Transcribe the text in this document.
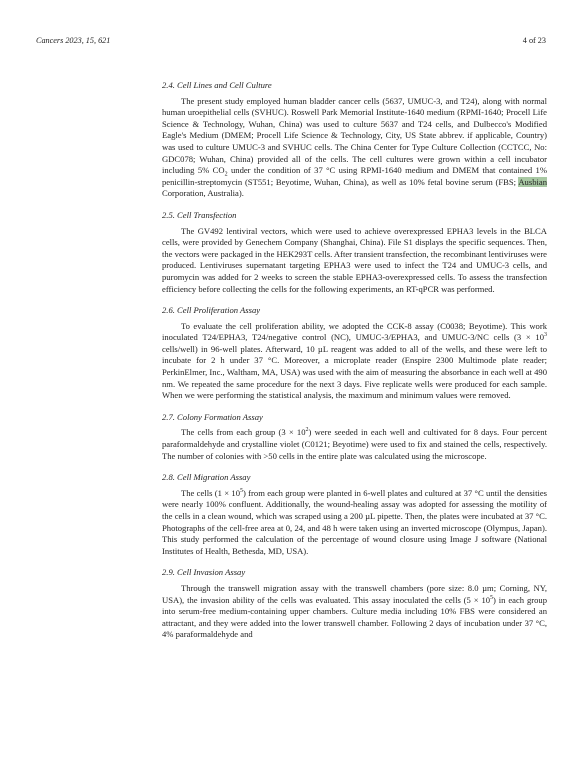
Cancers 2023, 15, 621	4 of 23
2.4. Cell Lines and Cell Culture

The present study employed human bladder cancer cells (5637, UMUC-3, and T24), along with normal human uroepithelial cells (SVHUC). Roswell Park Memorial Institute-1640 medium (RPMI-1640; Procell Life Science & Technology, Wuhan, China) was used to culture 5637 and T24 cells, and Dulbecco's Modified Eagle's Medium (DMEM; Procell Life Science & Technology, City, US State abbrev. if applicable, Country) was used to culture UMUC-3 and SVHUC cells. The China Center for Type Culture Collection (CCTCC, No: GDC078; Wuhan, China) provided all of the cells. The cell cultures were grown within a cell incubator including 5% $CO_2$ under the condition of 37 °C using RPMI-1640 medium and DMEM that contained 1% penicillin-streptomycin (ST551; Beyotime, Wuhan, China), as well as 10% fetal bovine serum (FBS; Ausbian Corporation, Australia).

2.5. Cell Transfection

The GV492 lentiviral vectors, which were used to achieve overexpressed EPHA3 levels in the BLCA cells, were provided by Genechem Company (Shanghai, China). File S1 displays the specific sequences. Then, the vectors were packaged in the HEK293T cells. After transient transfection, the recombinant lentiviruses were produced. Lentiviruses supernatant targeting EPHA3 were used to infect the T24 and UMUC-3 cells, and puromycin was added for 2 weeks to screen the stable EPHA3-overexpressed cells. To assess the transfection efficiency before collecting the cells for the following experiments, an RT-qPCR was performed.

2.6. Cell Proliferation Assay

To evaluate the cell proliferation ability, we adopted the CCK-8 assay (C0038; Beyotime). This work inoculated T24/EPHA3, T24/negative control (NC), UMUC-3/EPHA3, and UMUC-3/NC cells ($3 \times 10^3$ cells/well) in 96-well plates. Afterward, 10 µL reagent was added to all of the wells, and these were left to incubate for 2 h under 37 °C. Moreover, a microplate reader (Enspire 2300 Multimode plate reader; PerkinElmer, Inc., Waltham, MA, USA) was used with the aim of measuring the absorbance in each well at 490 nm. We repeated the same procedure for the next 3 days. Five replicate wells were produced for each sample. When we were performing the statistical analysis, the maximum and minimum values were removed.

2.7. Colony Formation Assay

The cells from each group $(3 \times 10^2)$ were seeded in each well and cultivated for 8 days. Four percent paraformaldehyde and crystalline violet (C0121; Beyotime) were used to fix and stained the cells, respectively. The number of colonies with >50 cells in the entire plate was calculated using the microscope.

2.8. Cell Migration Assay

The cells $(1 \times 10^5)$ from each group were planted in 6-well plates and cultured at 37 °C until the densities were nearly 100% confluent. Additionally, the wound-healing assay was adopted for assessing the motility of the cells in a clean wound, which was scraped using a 200 µL pipette. Then, the plates were incubated at 37 °C. Photographs of the cell-free area at 0, 24, and 48 h were taken using an inverted microscope (Olympus, Japan). This study performed the calculation of the percentage of wound closure using Image J software (National Institutes of Health, Bethesda, MD, USA).

2.9. Cell Invasion Assay

Through the transwell migration assay with the transwell chambers (pore size: 8.0 µm; Corning, NY, USA), the invasion ability of the cells was evaluated. This assay inoculated the cells $(5 \times 10^5)$ in each group into serum-free medium-containing upper chambers. Culture media including 10% FBS were considered an attractant, and they were added into the lower transwell chamber. Following 2 days of incubation under 37 °C, 4% paraformaldehyde and
